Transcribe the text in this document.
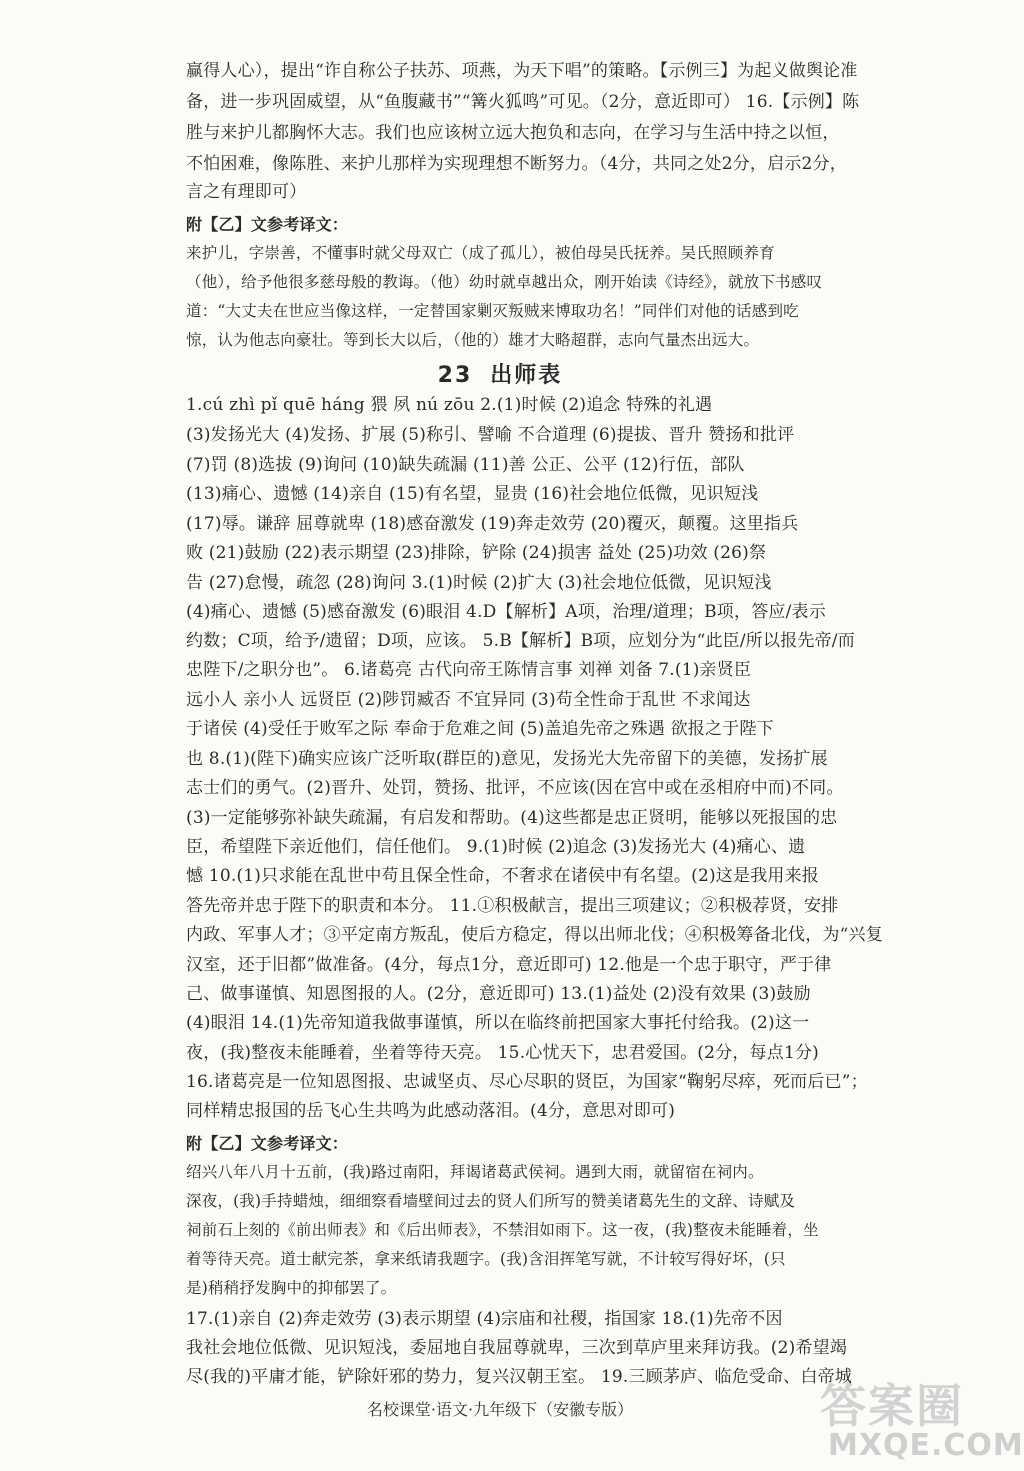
赢得人心），提出“诈自称公子扶苏、项燕，为天下唱”的策略。【示例三】为起义做舆论准
备，进一步巩固威望，从“鱼腹藏书”“篝火狐鸣”可见。（2分，意近即可） 16.【示例】陈
胜与来护儿都胸怀大志。我们也应该树立远大抱负和志向，在学习与生活中持之以恒，
不怕困难，像陈胜、来护儿那样为实现理想不断努力。（4分，共同之处2分，启示2分，
言之有理即可）
附【乙】文参考译文：
来护儿，字崇善，不懂事时就父母双亡（成了孤儿），被伯母吴氏抚养。吴氏照顾养育
（他），给予他很多慈母般的教诲。（他）幼时就卓越出众，刚开始读《诗经》，就放下书感叹
道：“大丈夫在世应当像这样，一定替国家剿灭叛贼来博取功名！”同伴们对他的话感到吃
惊，认为他志向豪壮。等到长大以后，（他的）雄才大略超群，志向气量杰出远大。
23 出师表
1.cú zhì pǐ quē háng 猥 夙 nú zōu 2.(1)时候 (2)追念 特殊的礼遇
(3)发扬光大 (4)发扬、扩展 (5)称引、譬喻 不合道理 (6)提拔、晋升 赞扬和批评
(7)罚 (8)选拔 (9)询问 (10)缺失疏漏 (11)善 公正、公平 (12)行伍，部队
(13)痛心、遗憾 (14)亲自 (15)有名望，显贵 (16)社会地位低微，见识短浅
(17)辱。谦辞 屈尊就卑 (18)感奋激发 (19)奔走效劳 (20)覆灭，颠覆。这里指兵
败 (21)鼓励 (22)表示期望 (23)排除，铲除 (24)损害 益处 (25)功效 (26)祭
告 (27)怠慢，疏忽 (28)询问 3.(1)时候 (2)扩大 (3)社会地位低微，见识短浅
(4)痛心、遗憾 (5)感奋激发 (6)眼泪 4.D【解析】A项，治理/道理；B项，答应/表示
约数；C项，给予/遗留；D项，应该。 5.B【解析】B项，应划分为“此臣/所以报先帝/而
忠陛下/之职分也”。 6.诸葛亮 古代向帝王陈情言事 刘禅 刘备 7.(1)亲贤臣
远小人 亲小人 远贤臣 (2)陟罚臧否 不宜异同 (3)苟全性命于乱世 不求闻达
于诸侯 (4)受任于败军之际 奉命于危难之间 (5)盖追先帝之殊遇 欲报之于陛下
也 8.(1)(陛下)确实应该广泛听取(群臣的)意见，发扬光大先帝留下的美德，发扬扩展
志士们的勇气。(2)晋升、处罚，赞扬、批评，不应该(因在宫中或在丞相府中而)不同。
(3)一定能够弥补缺失疏漏，有启发和帮助。(4)这些都是忠正贤明，能够以死报国的忠
臣，希望陛下亲近他们，信任他们。 9.(1)时候 (2)追念 (3)发扬光大 (4)痛心、遗
憾 10.(1)只求能在乱世中苟且保全性命，不奢求在诸侯中有名望。(2)这是我用来报
答先帝并忠于陛下的职责和本分。 11.①积极献言，提出三项建议；②积极荐贤，安排
内政、军事人才；③平定南方叛乱，使后方稳定，得以出师北伐；④积极筹备北伐，为“兴复
汉室，还于旧都”做准备。(4分，每点1分，意近即可) 12.他是一个忠于职守，严于律
己、做事谨慎、知恩图报的人。(2分，意近即可) 13.(1)益处 (2)没有效果 (3)鼓励
(4)眼泪 14.(1)先帝知道我做事谨慎，所以在临终前把国家大事托付给我。(2)这一
夜，(我)整夜未能睡着，坐着等待天亮。 15.心忧天下，忠君爱国。(2分，每点1分)
16.诸葛亮是一位知恩图报、忠诚坚贞、尽心尽职的贤臣，为国家“鞠躬尽瘁，死而后已”；
同样精忠报国的岳飞心生共鸣为此感动落泪。(4分，意思对即可)
附【乙】文参考译文：
绍兴八年八月十五前，(我)路过南阳，拜谒诸葛武侯祠。遇到大雨，就留宿在祠内。
深夜，(我)手持蜡烛，细细察看墙壁间过去的贤人们所写的赞美诸葛先生的文辞、诗赋及
祠前石上刻的《前出师表》和《后出师表》，不禁泪如雨下。这一夜，(我)整夜未能睡着，坐
着等待天亮。道士献完茶，拿来纸请我题字。(我)含泪挥笔写就，不计较写得好坏，(只
是)稍稍抒发胸中的抑郁罢了。
17.(1)亲自 (2)奔走效劳 (3)表示期望 (4)宗庙和社稷，指国家 18.(1)先帝不因
我社会地位低微、见识短浅，委屈地自我屈尊就卑，三次到草庐里来拜访我。(2)希望竭
尽(我的)平庸才能，铲除奸邪的势力，复兴汉朝王室。 19.三顾茅庐、临危受命、白帝城
名校课堂·语文·九年级下（安徽专版）	答案圈
MXQE.COM
